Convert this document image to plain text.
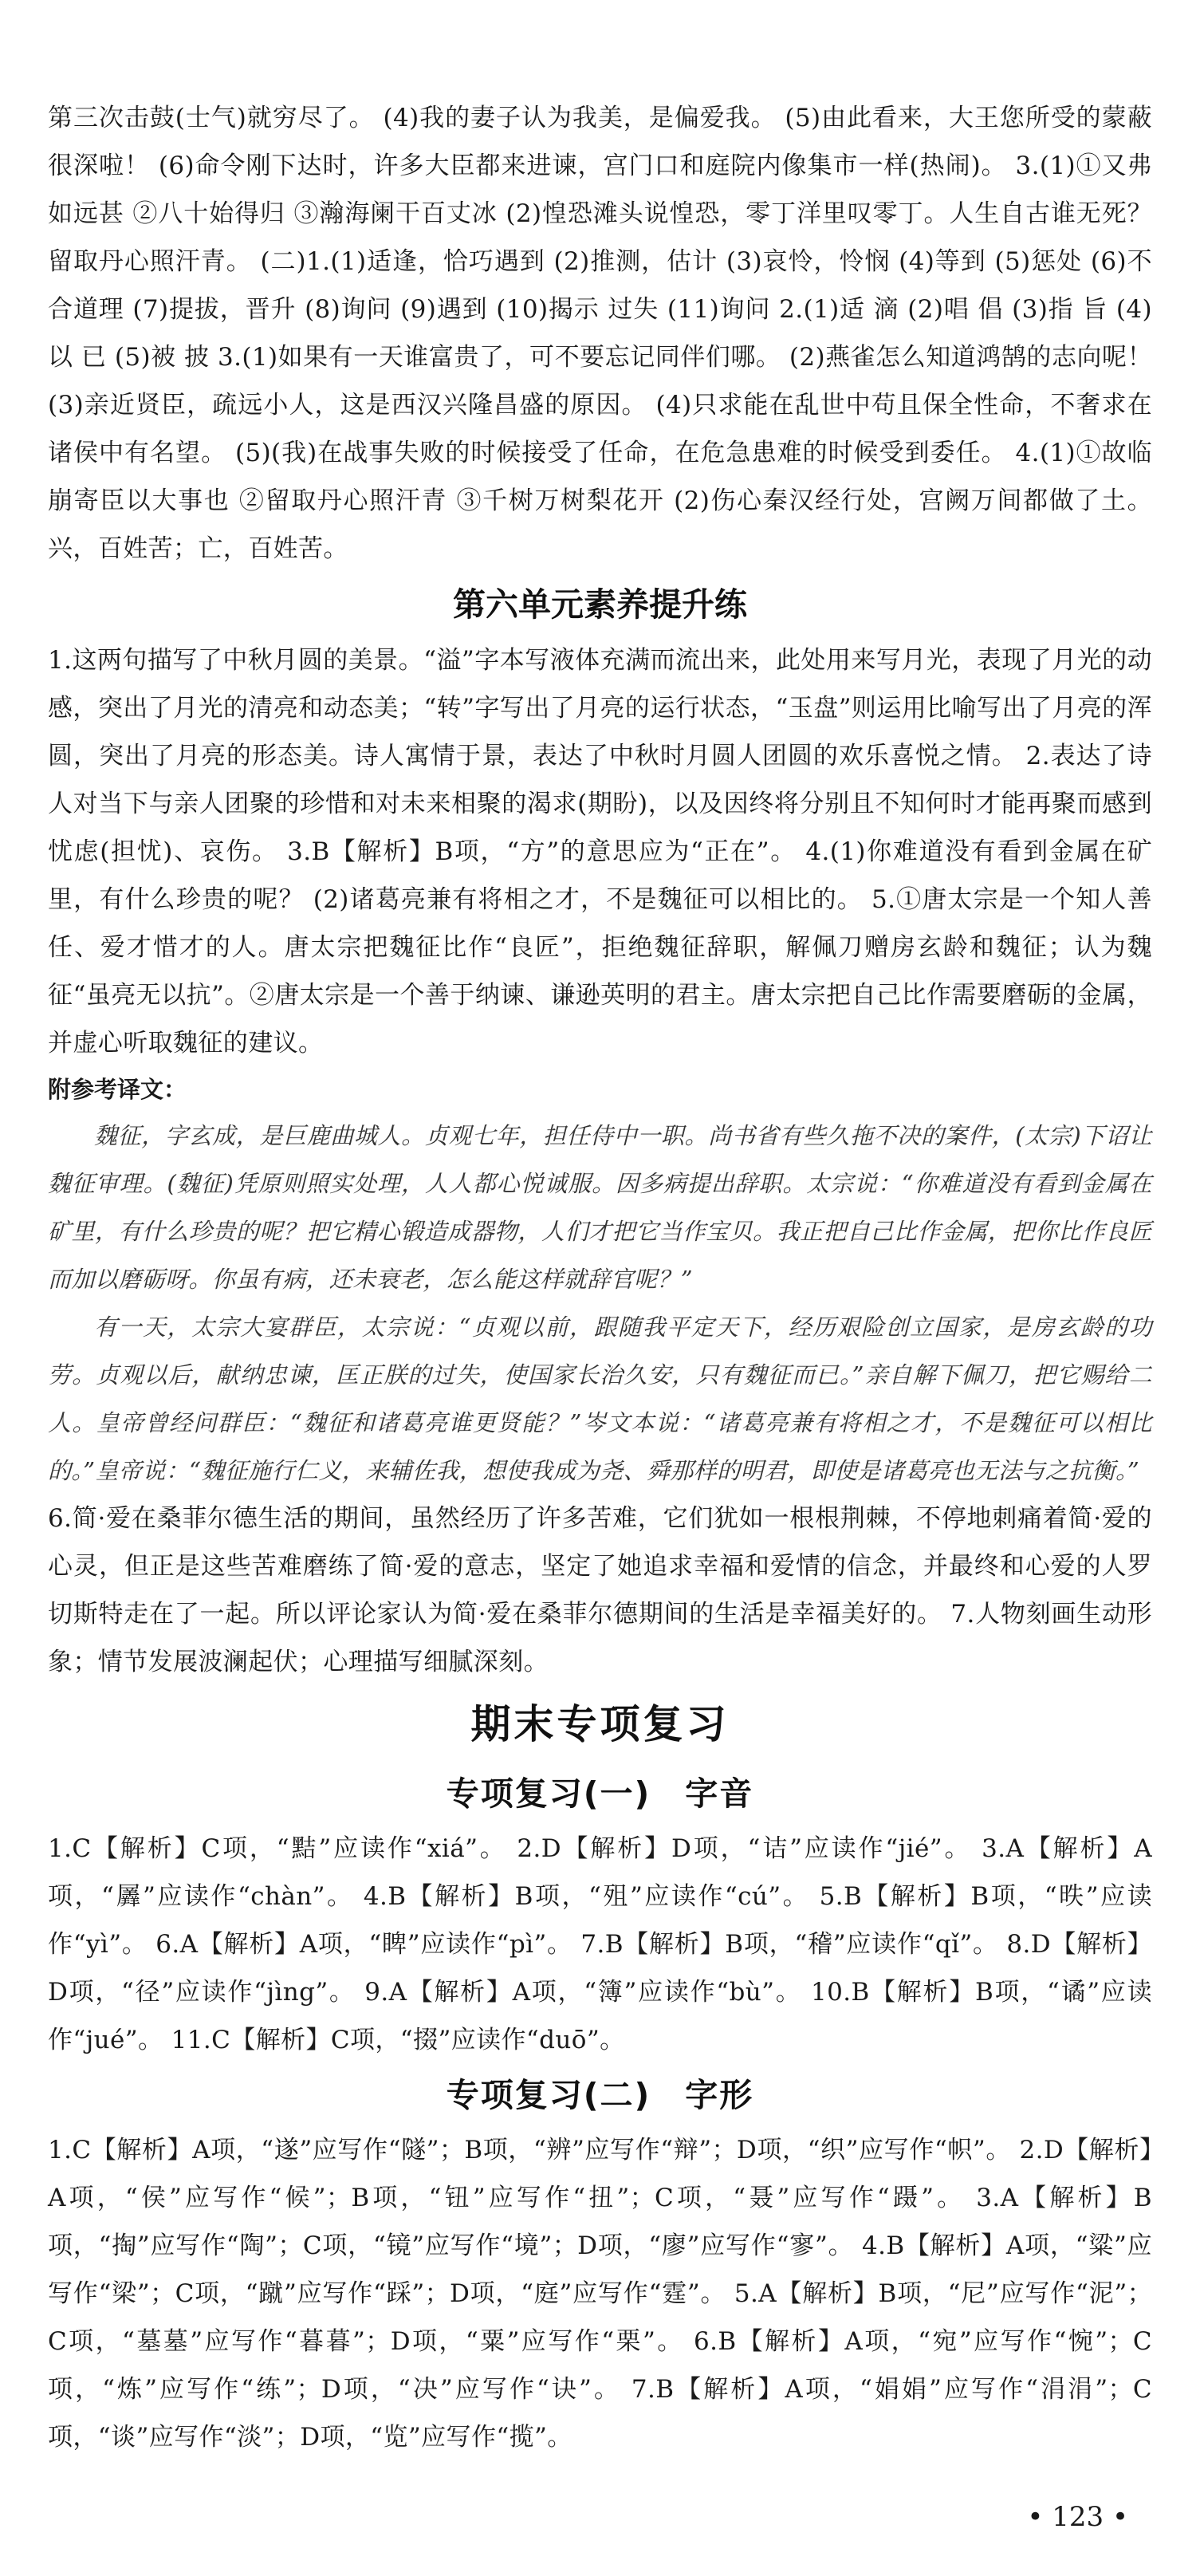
第三次击鼓(士气)就穷尽了。 (4)我的妻子认为我美，是偏爱我。 (5)由此看来，大王您所受的蒙蔽很深啦！ (6)命令刚下达时，许多大臣都来进谏，宫门口和庭院内像集市一样(热闹)。 3.(1)①又弗如远甚 ②八十始得归 ③瀚海阑干百丈冰 (2)惶恐滩头说惶恐，零丁洋里叹零丁。人生自古谁无死？留取丹心照汗青。 (二)1.(1)适逢，恰巧遇到 (2)推测，估计 (3)哀怜，怜悯 (4)等到 (5)惩处 (6)不合道理 (7)提拔，晋升 (8)询问 (9)遇到 (10)揭示 过失 (11)询问 2.(1)适 滴 (2)唱 倡 (3)指 旨 (4)以 已 (5)被 披 3.(1)如果有一天谁富贵了，可不要忘记同伴们哪。 (2)燕雀怎么知道鸿鹄的志向呢！ (3)亲近贤臣，疏远小人，这是西汉兴隆昌盛的原因。 (4)只求能在乱世中苟且保全性命，不奢求在诸侯中有名望。 (5)(我)在战事失败的时候接受了任命，在危急患难的时候受到委任。 4.(1)①故临崩寄臣以大事也 ②留取丹心照汗青 ③千树万树梨花开 (2)伤心秦汉经行处，宫阙万间都做了土。兴，百姓苦；亡，百姓苦。

第六单元素养提升练

1.这两句描写了中秋月圆的美景。“溢”字本写液体充满而流出来，此处用来写月光，表现了月光的动感，突出了月光的清亮和动态美；“转”字写出了月亮的运行状态，“玉盘”则运用比喻写出了月亮的浑圆，突出了月亮的形态美。诗人寓情于景，表达了中秋时月圆人团圆的欢乐喜悦之情。 2.表达了诗人对当下与亲人团聚的珍惜和对未来相聚的渴求(期盼)，以及因终将分别且不知何时才能再聚而感到忧虑(担忧)、哀伤。 3.B【解析】B项，“方”的意思应为“正在”。 4.(1)你难道没有看到金属在矿里，有什么珍贵的呢？ (2)诸葛亮兼有将相之才，不是魏征可以相比的。 5.①唐太宗是一个知人善任、爱才惜才的人。唐太宗把魏征比作“良匠”，拒绝魏征辞职，解佩刀赠房玄龄和魏征；认为魏征“虽亮无以抗”。②唐太宗是一个善于纳谏、谦逊英明的君主。唐太宗把自己比作需要磨砺的金属，并虚心听取魏征的建议。

附参考译文：

魏征，字玄成，是巨鹿曲城人。贞观七年，担任侍中一职。尚书省有些久拖不决的案件，(太宗)下诏让魏征审理。(魏征)凭原则照实处理，人人都心悦诚服。因多病提出辞职。太宗说：“你难道没有看到金属在矿里，有什么珍贵的呢？把它精心锻造成器物，人们才把它当作宝贝。我正把自己比作金属，把你比作良匠而加以磨砺呀。你虽有病，还未衰老，怎么能这样就辞官呢？”

有一天，太宗大宴群臣，太宗说：“贞观以前，跟随我平定天下，经历艰险创立国家，是房玄龄的功劳。贞观以后，献纳忠谏，匡正朕的过失，使国家长治久安，只有魏征而已。”亲自解下佩刀，把它赐给二人。皇帝曾经问群臣：“魏征和诸葛亮谁更贤能？”岑文本说：“诸葛亮兼有将相之才，不是魏征可以相比的。”皇帝说：“魏征施行仁义，来辅佐我，想使我成为尧、舜那样的明君，即使是诸葛亮也无法与之抗衡。”

6.简·爱在桑菲尔德生活的期间，虽然经历了许多苦难，它们犹如一根根荆棘，不停地刺痛着简·爱的心灵，但正是这些苦难磨练了简·爱的意志，坚定了她追求幸福和爱情的信念，并最终和心爱的人罗切斯特走在了一起。所以评论家认为简·爱在桑菲尔德期间的生活是幸福美好的。 7.人物刻画生动形象；情节发展波澜起伏；心理描写细腻深刻。

期末专项复习
专项复习(一)　字音

1.C【解析】C项，“黠”应读作“xiá”。 2.D【解析】D项，“诘”应读作“jié”。 3.A【解析】A项，“羼”应读作“chàn”。 4.B【解析】B项，“殂”应读作“cú”。 5.B【解析】B项，“昳”应读作“yì”。 6.A【解析】A项，“睥”应读作“pì”。 7.B【解析】B项，“稽”应读作“qǐ”。 8.D【解析】D项，“径”应读作“jìng”。 9.A【解析】A项，“簿”应读作“bù”。 10.B【解析】B项，“谲”应读作“jué”。 11.C【解析】C项，“掇”应读作“duō”。

专项复习(二)　字形

1.C【解析】A项，“遂”应写作“隧”；B项，“辨”应写作“辩”；D项，“织”应写作“帜”。 2.D【解析】A项，“侯”应写作“候”；B项，“钮”应写作“扭”；C项，“聂”应写作“蹑”。 3.A【解析】B项，“掏”应写作“陶”；C项，“镜”应写作“境”；D项，“廖”应写作“寥”。 4.B【解析】A项，“粱”应写作“梁”；C项，“蹴”应写作“踩”；D项，“庭”应写作“霆”。 5.A【解析】B项，“尼”应写作“泥”；C项，“墓墓”应写作“暮暮”；D项，“粟”应写作“栗”。 6.B【解析】A项，“宛”应写作“惋”；C项，“炼”应写作“练”；D项，“决”应写作“诀”。 7.B【解析】A项，“娟娟”应写作“涓涓”；C项，“谈”应写作“淡”；D项，“览”应写作“揽”。

• 123 •
